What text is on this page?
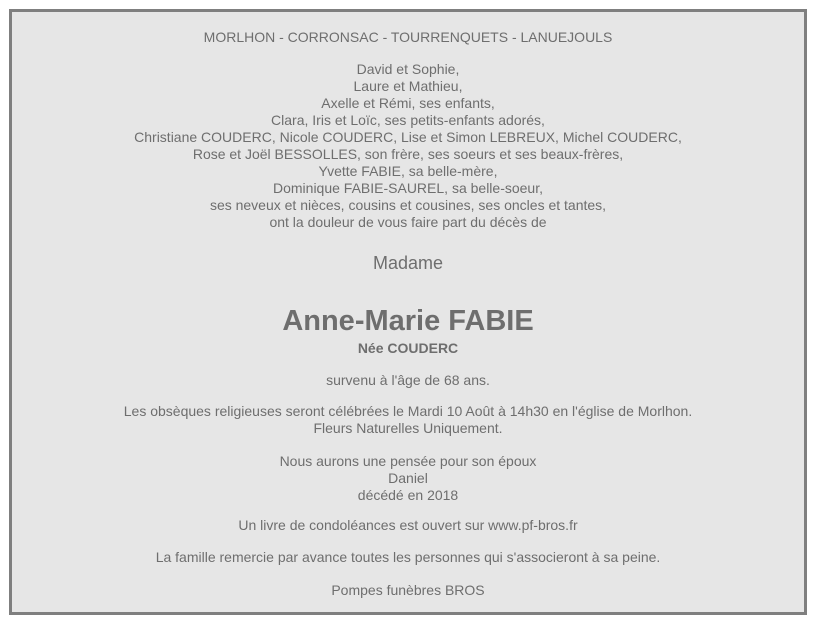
MORLHON - CORRONSAC - TOURRENQUETS - LANUEJOULS
David et Sophie,
Laure et Mathieu,
Axelle et Rémi, ses enfants,
Clara, Iris et Loïc, ses petits-enfants adorés,
Christiane COUDERC, Nicole COUDERC, Lise et Simon LEBREUX, Michel COUDERC,
Rose et Joël BESSOLLES, son frère, ses soeurs et ses beaux-frères,
Yvette FABIE, sa belle-mère,
Dominique FABIE-SAUREL, sa belle-soeur,
ses neveux et nièces, cousins et cousines, ses oncles et tantes,
ont la douleur de vous faire part du décès de
Madame
Anne-Marie FABIE
Née COUDERC
survenu à l'âge de 68 ans.
Les obsèques religieuses seront célébrées le Mardi 10 Août à 14h30 en l'église de Morlhon.
Fleurs Naturelles Uniquement.
Nous aurons une pensée pour son époux
Daniel
décédé en 2018
Un livre de condoléances est ouvert sur www.pf-bros.fr
La famille remercie par avance toutes les personnes qui s'associeront à sa peine.
Pompes funèbres BROS
